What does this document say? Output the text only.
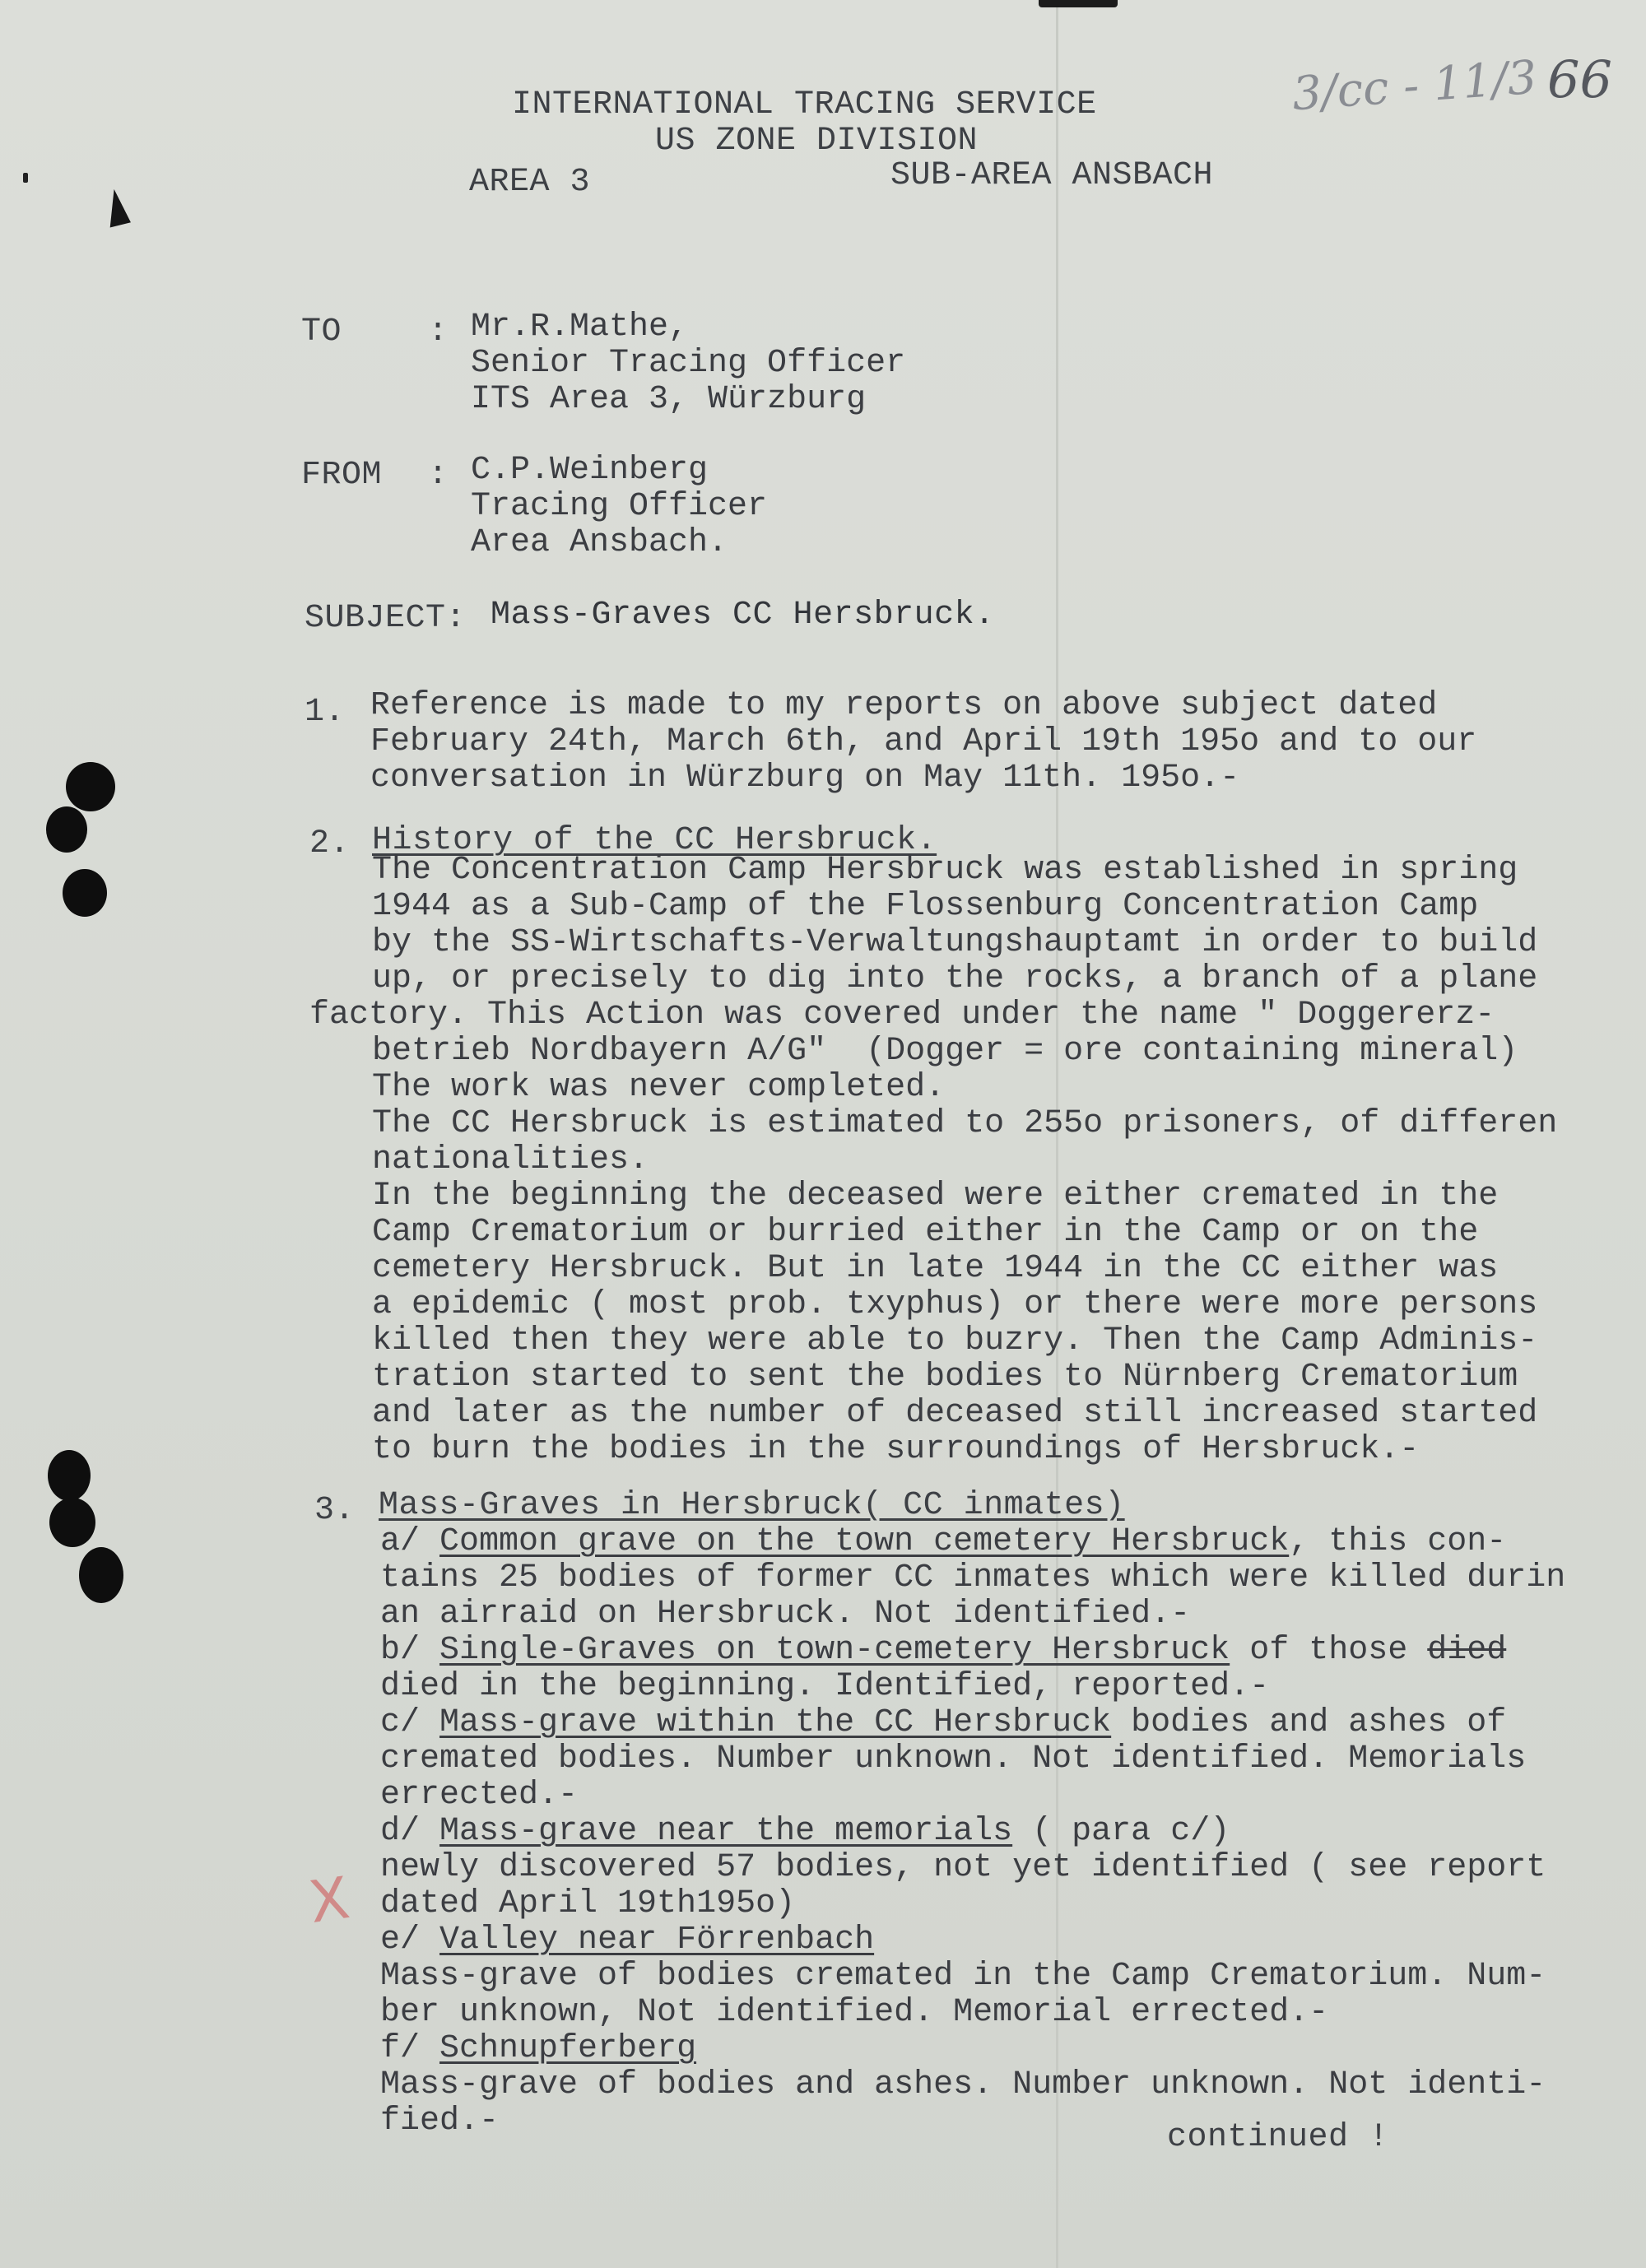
INTERNATIONAL TRACING SERVICE
US ZONE DIVISION
AREA 3	SUB-AREA ANSBACH
3/cc - 11/3 66
TO	: Mr.R.Mathe,
Senior Tracing Officer
ITS Area 3, Würzburg
FROM : C.P.Weinberg
Tracing Officer
Area Ansbach.
SUBJECT: Mass-Graves CC Hersbruck.
1. Reference is made to my reports on above subject dated
February 24th, March 6th, and April 19th 195o and to our
conversation in Würzburg on May 11th. 195o.-
2. History of the CC Hersbruck.
The Concentration Camp Hersbruck was established in spring
1944 as a Sub-Camp of the Flossenburg Concentration Camp
by the SS-Wirtschafts-Verwaltungshauptamt in order to build
up, or precisely to dig into the rocks, a branch of a plane
factory. This Action was covered under the name " Doggererz-
betrieb Nordbayern A/G"  (Dogger = ore containing mineral)
The work was never completed.
The CC Hersbruck is estimated to 255o prisoners, of differen
nationalities.
In the beginning the deceased were either cremated in the
Camp Crematorium or burried either in the Camp or on the
cemetery Hersbruck. But in late 1944 in the CC either was
a epidemic ( most prob. txyphus) or there were more persons
killed then they were able to buzry. Then the Camp Adminis-
tration started to sent the bodies to Nürnberg Crematorium
and later as the number of deceased still increased started
to burn the bodies in the surroundings of Hersbruck.-
3. Mass-Graves in Hersbruck( CC inmates)
a/ Common grave on the town cemetery Hersbruck, this con-
tains 25 bodies of former CC inmates which were killed durin
an airraid on Hersbruck. Not identified.-
b/ Single-Graves on town-cemetery Hersbruck of those died
died in the beginning. Identified, reported.-
c/ Mass-grave within the CC Hersbruck bodies and ashes of
cremated bodies. Number unknown. Not identified. Memorials
errected.-
d/ Mass-grave near the memorials ( para c/)
newly discovered 57 bodies, not yet identified ( see report
dated April 19th195o)
e/ Valley near Förrenbach
Mass-grave of bodies cremated in the Camp Crematorium. Num-
ber unknown, Not identified. Memorial errected.-
f/ Schnupferberg
Mass-grave of bodies and ashes. Number unknown. Not identi-
fied.-
X
continued !
